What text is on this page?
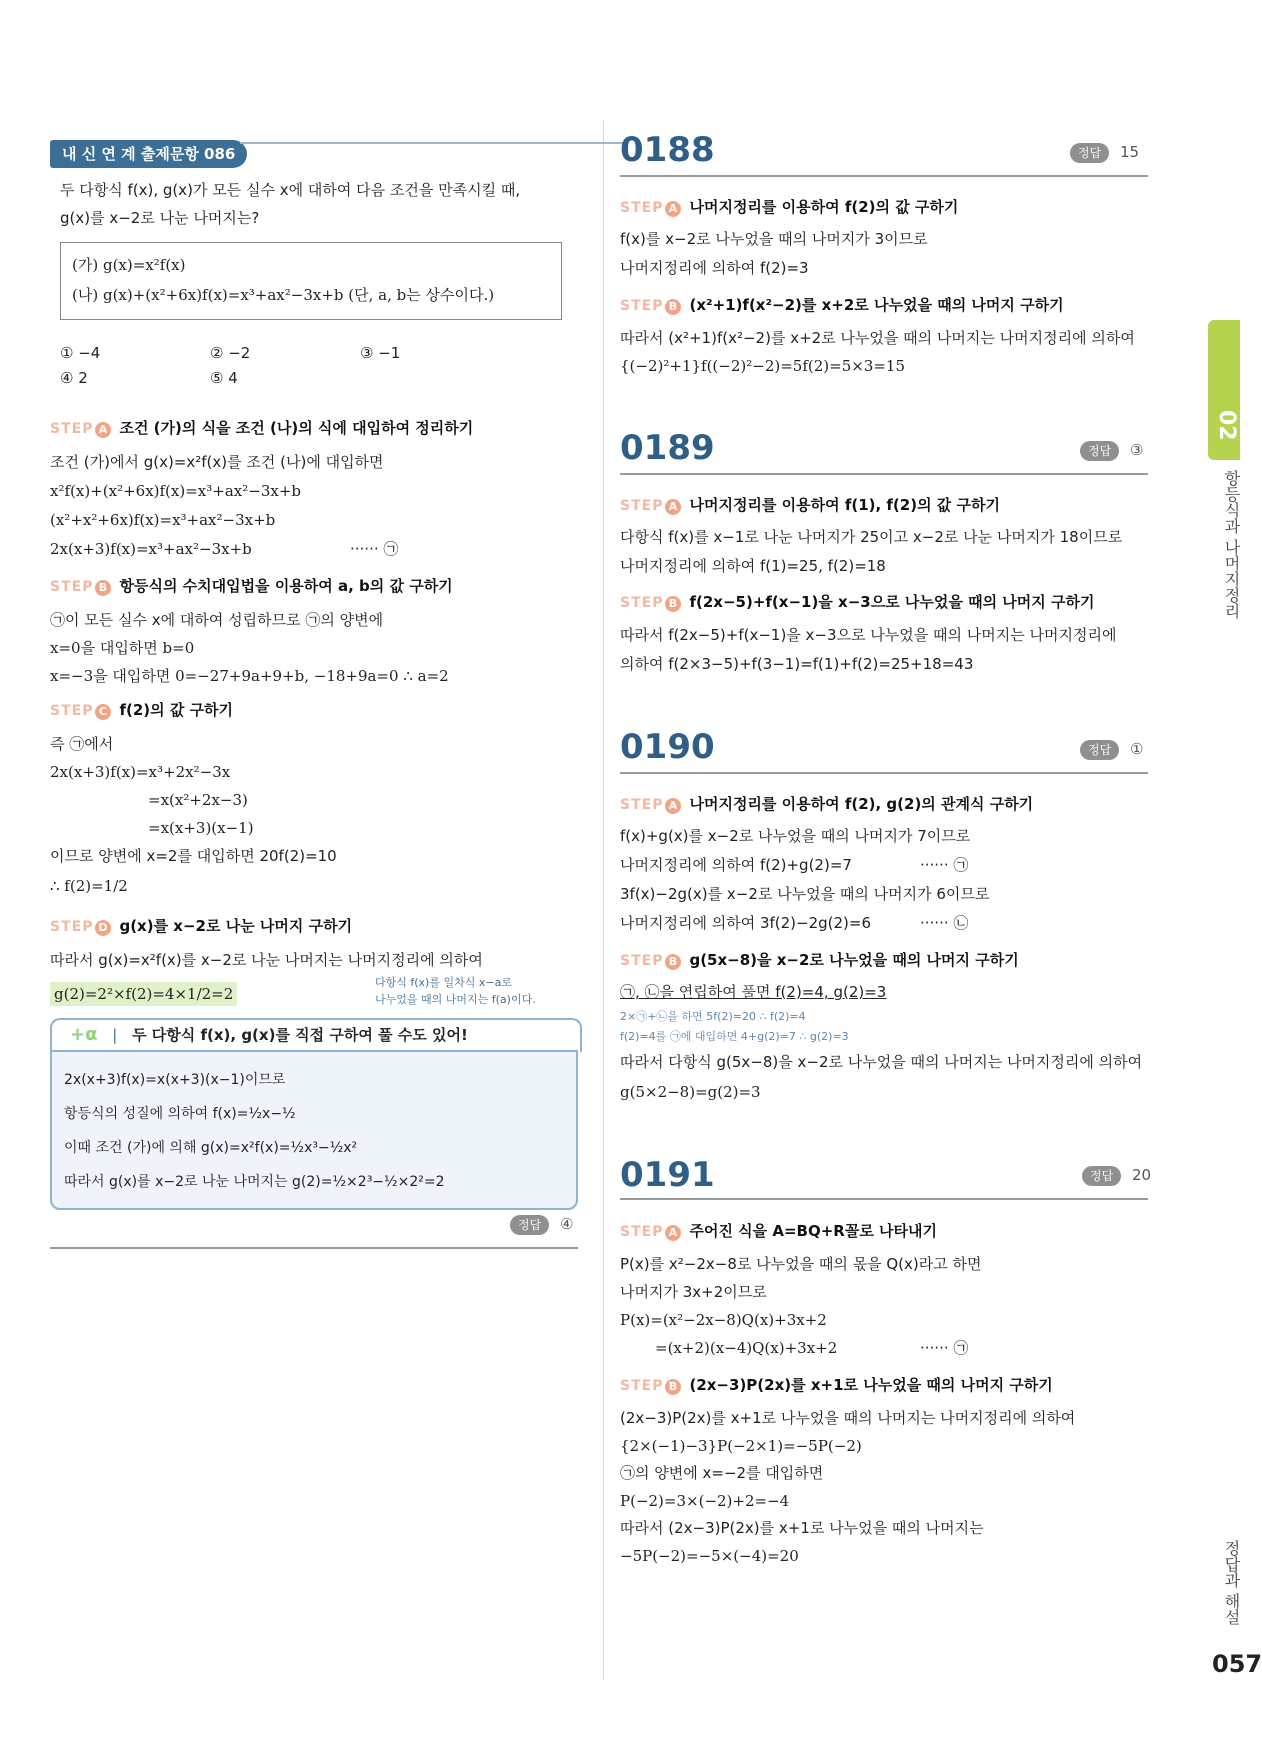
내 신 연 계 출제문항 086
두 다항식 f(x), g(x)가 모든 실수 x에 대하여 다음 조건을 만족시킬 때,
g(x)를 x−2로 나눈 나머지는?
(가) g(x)=x²f(x)
(나) g(x)+(x²+6x)f(x)=x³+ax²−3x+b (단, a, b는 상수이다.)
① −4	② −2	③ −1
④ 2	⑤ 4
STEP A 조건 (가)의 식을 조건 (나)의 식에 대입하여 정리하기
조건 (가)에서 g(x)=x²f(x)를 조건 (나)에 대입하면
x²f(x)+(x²+6x)f(x)=x³+ax²−3x+b
(x²+x²+6x)f(x)=x³+ax²−3x+b
2x(x+3)f(x)=x³+ax²−3x+b	······ ㉠
STEP B 항등식의 수치대입법을 이용하여 a, b의 값 구하기
㉠이 모든 실수 x에 대하여 성립하므로 ㉠의 양변에
x=0을 대입하면 b=0
x=−3을 대입하면 0=−27+9a+9+b, −18+9a=0 ∴ a=2
STEP C f(2)의 값 구하기
즉 ㉠에서
2x(x+3)f(x)=x³+2x²−3x
=x(x²+2x−3)
=x(x+3)(x−1)
이므로 양변에 x=2를 대입하면 20f(2)=10
∴ f(2)=1/2
STEP D g(x)를 x−2로 나눈 나머지 구하기
따라서 g(x)=x²f(x)를 x−2로 나눈 나머지는 나머지정리에 의하여
g(2)=2²×f(2)=4×1/2=2
다항식 f(x)를 일차식 x−a로
나누었을 때의 나머지는 f(a)이다.
+α | 두 다항식 f(x), g(x)를 직접 구하여 풀 수도 있어!
2x(x+3)f(x)=x(x+3)(x−1)이므로
항등식의 성질에 의하여 f(x)=½x−½
이때 조건 (가)에 의해 g(x)=x²f(x)=½x³−½x²
따라서 g(x)를 x−2로 나눈 나머지는 g(2)=½×2³−½×2²=2
정답	④
0188	정답	15
STEP A 나머지정리를 이용하여 f(2)의 값 구하기
f(x)를 x−2로 나누었을 때의 나머지가 3이므로
나머지정리에 의하여 f(2)=3
STEP B (x²+1)f(x²−2)를 x+2로 나누었을 때의 나머지 구하기
따라서 (x²+1)f(x²−2)를 x+2로 나누었을 때의 나머지는 나머지정리에 의하여
{(−2)²+1}f((−2)²−2)=5f(2)=5×3=15
0189	정답	③
STEP A 나머지정리를 이용하여 f(1), f(2)의 값 구하기
다항식 f(x)를 x−1로 나눈 나머지가 25이고 x−2로 나눈 나머지가 18이므로
나머지정리에 의하여 f(1)=25, f(2)=18
STEP B f(2x−5)+f(x−1)을 x−3으로 나누었을 때의 나머지 구하기
따라서 f(2x−5)+f(x−1)을 x−3으로 나누었을 때의 나머지는 나머지정리에
의하여 f(2×3−5)+f(3−1)=f(1)+f(2)=25+18=43
0190	정답	①
STEP A 나머지정리를 이용하여 f(2), g(2)의 관계식 구하기
f(x)+g(x)를 x−2로 나누었을 때의 나머지가 7이므로
나머지정리에 의하여 f(2)+g(2)=7	······ ㉠
3f(x)−2g(x)를 x−2로 나누었을 때의 나머지가 6이므로
나머지정리에 의하여 3f(2)−2g(2)=6	······ ㉡
STEP B g(5x−8)을 x−2로 나누었을 때의 나머지 구하기
㉠, ㉡을 연립하여 풀면 f(2)=4, g(2)=3
2×㉠+㉡을 하면 5f(2)=20 ∴ f(2)=4
f(2)=4를 ㉠에 대입하면 4+g(2)=7 ∴ g(2)=3
따라서 다항식 g(5x−8)을 x−2로 나누었을 때의 나머지는 나머지정리에 의하여
g(5×2−8)=g(2)=3
0191	정답	20
STEP A 주어진 식을 A=BQ+R꼴로 나타내기
P(x)를 x²−2x−8로 나누었을 때의 몫을 Q(x)라고 하면
나머지가 3x+2이므로
P(x)=(x²−2x−8)Q(x)+3x+2
=(x+2)(x−4)Q(x)+3x+2	······ ㉠
STEP B (2x−3)P(2x)를 x+1로 나누었을 때의 나머지 구하기
(2x−3)P(2x)를 x+1로 나누었을 때의 나머지는 나머지정리에 의하여
{2×(−1)−3}P(−2×1)=−5P(−2)
㉠의 양변에 x=−2를 대입하면
P(−2)=3×(−2)+2=−4
따라서 (2x−3)P(2x)를 x+1로 나누었을 때의 나머지는
−5P(−2)=−5×(−4)=20
02
항등식과 나머지정리
정답과 해설
057
